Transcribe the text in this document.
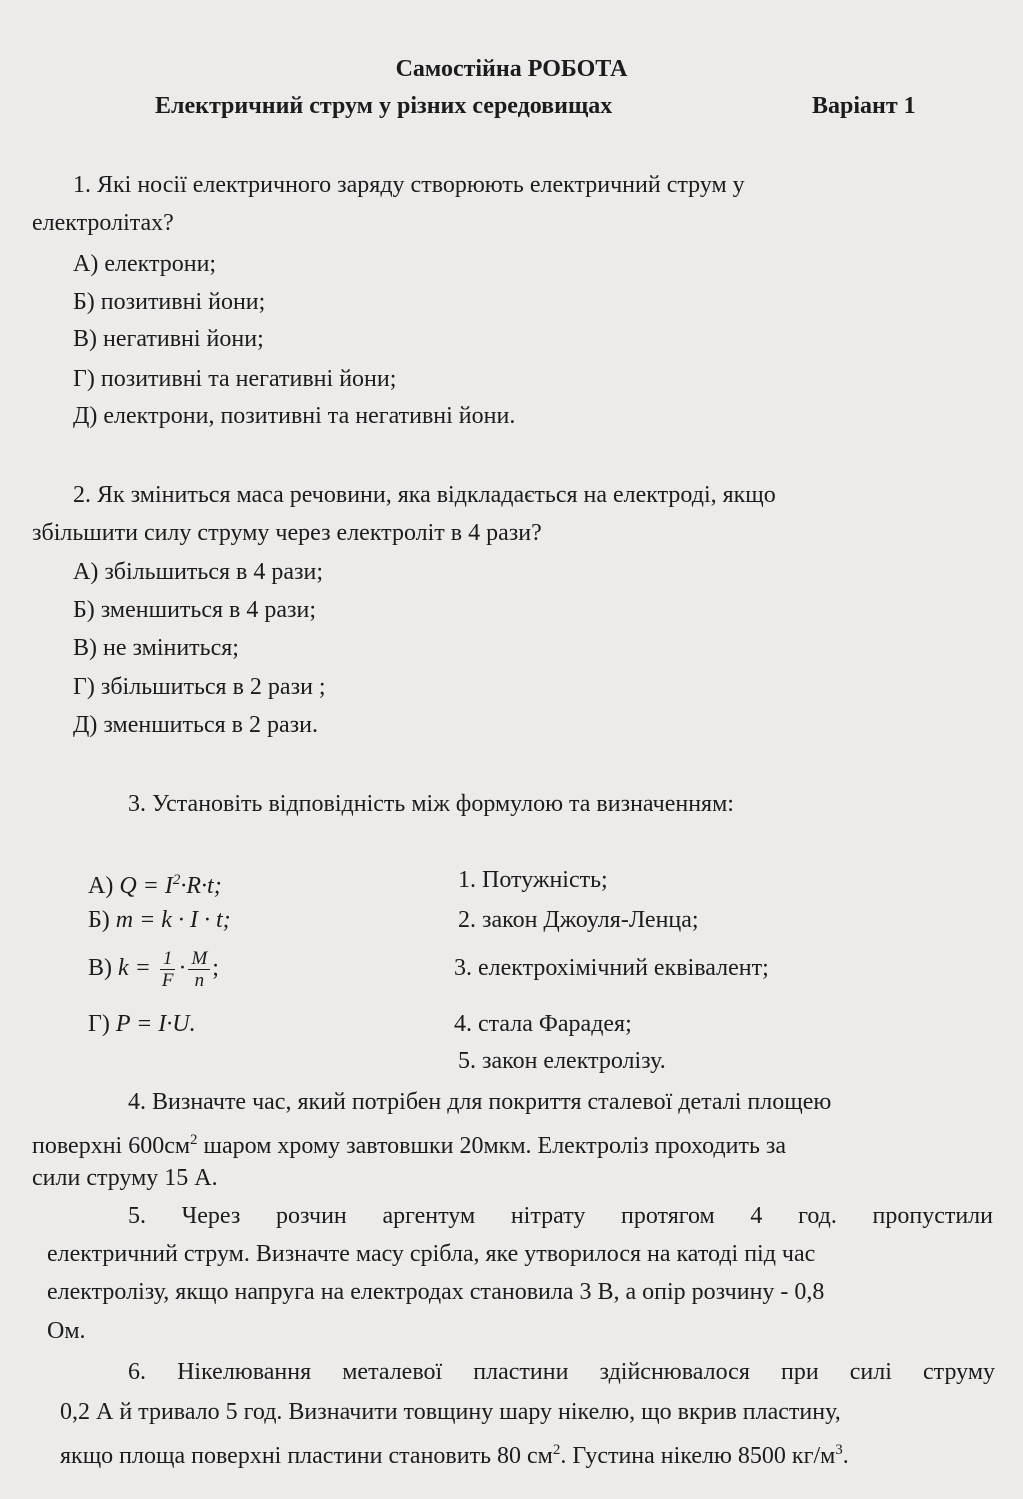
Самостійна РОБОТА
Електричний струм у різних середовищах	Варіант 1
1. Які носії електричного заряду створюють електричний струм у
електролітах?
А) електрони;
Б) позитивні йони;
В) негативні йони;
Г) позитивні та негативні йони;
Д) електрони, позитивні та негативні йони.
2. Як зміниться маса речовини, яка відкладається на електроді, якщо
збільшити силу струму через електроліт в 4 рази?
А) збільшиться в 4 рази;
Б) зменшиться в 4 рази;
В) не зміниться;
Г) збільшиться в 2 рази ;
Д) зменшиться в 2 рази.
3. Установіть відповідність між формулою та визначенням:
А) $Q = I^2\cdot R\cdot t$;
Б) m = k · I · t;
В) $k = \frac{1}{F} \cdot \frac{M}{n}$ ;
Г) P = I·U.
1. Потужність;
2. закон Джоуля-Ленца;
3. електрохімічний еквівалент;
4. стала Фарадея;
5. закон електролізу.
4. Визначте час, який потрібен для покриття сталевої деталі площею
поверхні $600см^2$ шаром хрому завтовшки 20мкм. Електроліз проходить за
сили струму 15 А.
5. Через розчин аргентум нітрату протягом 4 год. пропустили
електричний струм. Визначте масу срібла, яке утворилося на катоді під час
електролізу, якщо напруга на електродах становила 3 В, а опір розчину - 0,8
Ом.
6. Нікелювання металевої пластини здійснювалося при силі струму
0,2 А й тривало 5 год. Визначити товщину шару нікелю, що вкрив пластину,
якщо площа поверхні пластини становить 80 $см^2$. Густина нікелю 8500 $кг/м^3$.
